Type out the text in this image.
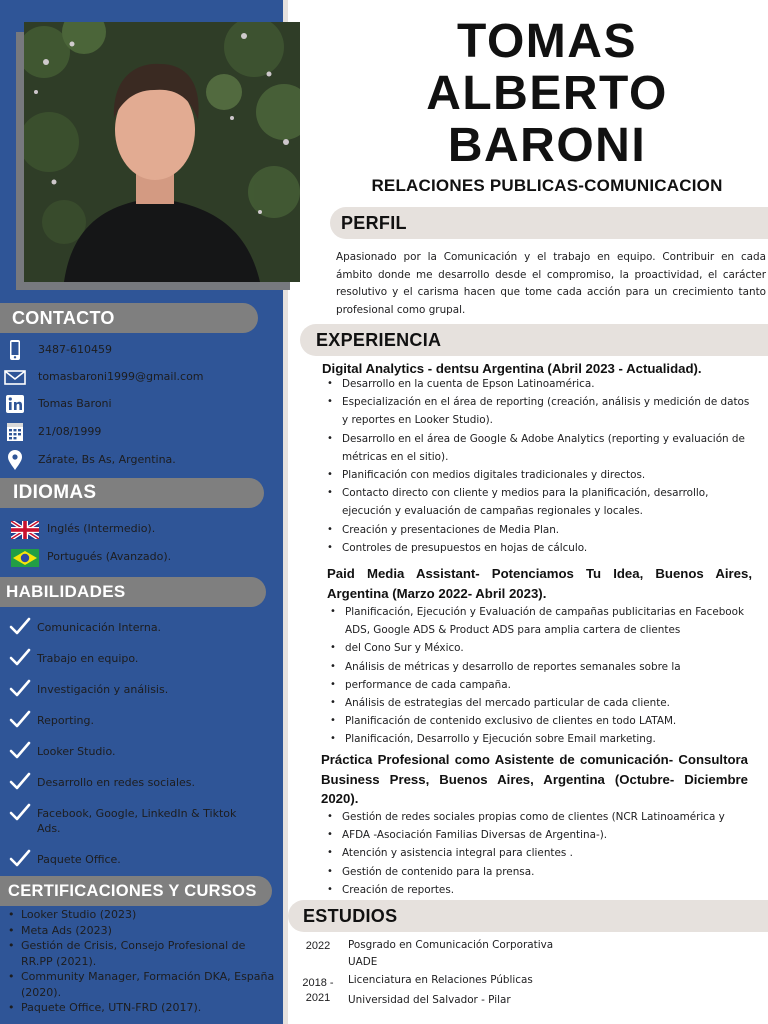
CONTACTO
3487-610459
tomasbaroni1999@gmail.com
Tomas Baroni
21/08/1999
Zárate, Bs As, Argentina.
IDIOMAS
Inglés (Intermedio).
Portugués (Avanzado).
HABILIDADES
Comunicación Interna.
Trabajo en equipo.
Investigación y análisis.
Reporting.
Looker Studio.
Desarrollo en redes sociales.
Facebook, Google, LinkedIn & Tiktok Ads.
Paquete Office.
CERTIFICACIONES Y CURSOS
• Looker Studio (2023)
• Meta Ads (2023)
• Gestión de Crisis, Consejo Profesional de RR.PP (2021).
• Community Manager, Formación DKA, España (2020).
• Paquete Office, UTN-FRD (2017).
TOMAS
ALBERTO
BARONI
RELACIONES PUBLICAS-COMUNICACION
PERFIL
Apasionado por la Comunicación y el trabajo en equipo. Contribuir en cada ámbito donde me desarrollo desde el compromiso, la proactividad, el carácter resolutivo y el carisma hacen que tome cada acción para un crecimiento tanto profesional como grupal.
EXPERIENCIA
Digital Analytics - dentsu Argentina (Abril 2023 - Actualidad).
• Desarrollo en la cuenta de Epson Latinoamérica.
• Especialización en el área de reporting (creación, análisis y medición de datos y reportes en Looker Studio).
• Desarrollo en el área de Google & Adobe Analytics (reporting y evaluación de métricas en el sitio).
• Planificación con medios digitales tradicionales y directos.
• Contacto directo con cliente y medios para la planificación, desarrollo, ejecución y evaluación de campañas regionales y locales.
• Creación y presentaciones de Media Plan.
• Controles de presupuestos en hojas de cálculo.
Paid Media Assistant- Potenciamos Tu Idea, Buenos Aires, Argentina (Marzo 2022- Abril 2023).
• Planificación, Ejecución y Evaluación de campañas publicitarias en Facebook ADS, Google ADS & Product ADS para amplia cartera de clientes
• del Cono Sur y México.
• Análisis de métricas y desarrollo de reportes semanales sobre la
• performance de cada campaña.
• Análisis de estrategias del mercado particular de cada cliente.
• Planificación de contenido exclusivo de clientes en todo LATAM.
• Planificación, Desarrollo y Ejecución sobre Email marketing.
Práctica Profesional como Asistente de comunicación- Consultora Business Press, Buenos Aires, Argentina (Octubre- Diciembre 2020).
• Gestión de redes sociales propias como de clientes (NCR Latinoamérica y
• AFDA -Asociación Familias Diversas de Argentina-).
• Atención y asistencia integral para clientes .
• Gestión de contenido para la prensa.
• Creación de reportes.
ESTUDIOS
2022	Posgrado en Comunicación Corporativa
UADE
2018 - 2021
Licenciatura en Relaciones Públicas
Universidad del Salvador - Pilar
